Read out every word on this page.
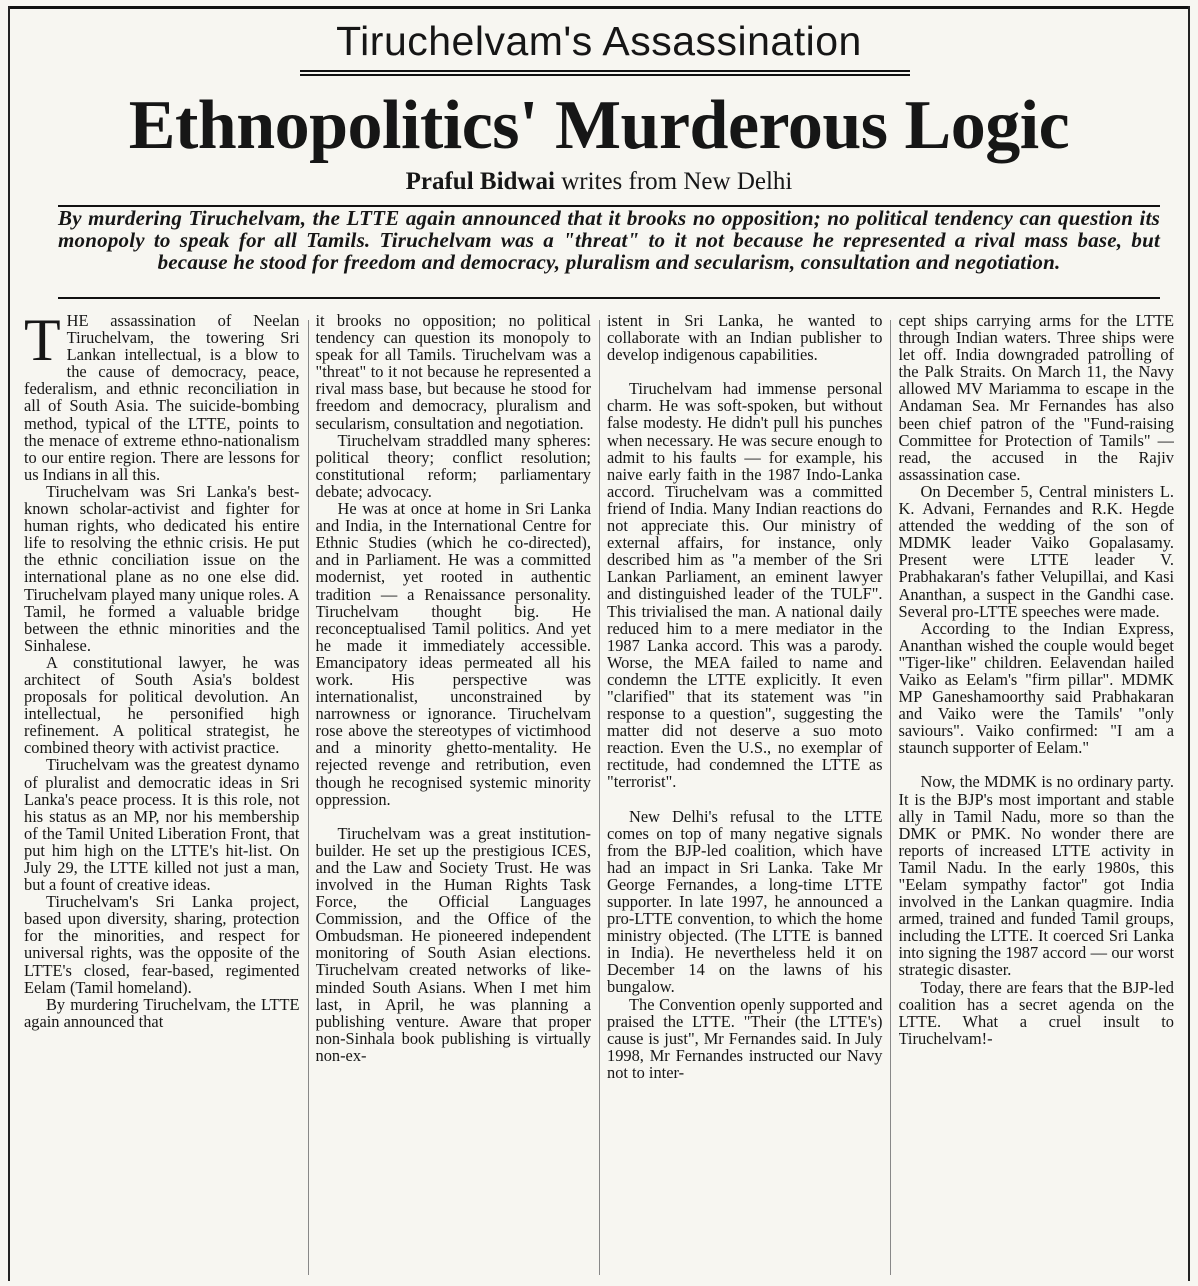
Tiruchelvam's Assassination
Ethnopolitics' Murderous Logic
Praful Bidwai writes from New Delhi
By murdering Tiruchelvam, the LTTE again announced that it brooks no opposition; no political tendency can question its monopoly to speak for all Tamils. Tiruchelvam was a "threat" to it not because he represented a rival mass base, but because he stood for freedom and democracy, pluralism and secularism, consultation and negotiation.

THE assassination of Neelan Tiruchelvam, the towering Sri Lankan intellectual, is a blow to the cause of democracy, peace, federalism, and ethnic reconciliation in all of South Asia. The suicide-bombing method, typical of the LTTE, points to the menace of extreme ethno-nationalism to our entire region. There are lessons for us Indians in all this.

Tiruchelvam was Sri Lanka's best-known scholar-activist and fighter for human rights, who dedicated his entire life to resolving the ethnic crisis. He put the ethnic conciliation issue on the international plane as no one else did. Tiruchelvam played many unique roles. A Tamil, he formed a valuable bridge between the ethnic minorities and the Sinhalese.

A constitutional lawyer, he was architect of South Asia's boldest proposals for political devolution. An intellectual, he personified high refinement. A political strategist, he combined theory with activist practice.

Tiruchelvam was the greatest dynamo of pluralist and democratic ideas in Sri Lanka's peace process. It is this role, not his status as an MP, nor his membership of the Tamil United Liberation Front, that put him high on the LTTE's hit-list. On July 29, the LTTE killed not just a man, but a fount of creative ideas.

Tiruchelvam's Sri Lanka project, based upon diversity, sharing, protection for the minorities, and respect for universal rights, was the opposite of the LTTE's closed, fear-based, regimented Eelam (Tamil homeland).

By murdering Tiruchelvam, the LTTE again announced that

it brooks no opposition; no political tendency can question its monopoly to speak for all Tamils. Tiruchelvam was a "threat" to it not because he represented a rival mass base, but because he stood for freedom and democracy, pluralism and secularism, consultation and negotiation.

Tiruchelvam straddled many spheres: political theory; conflict resolution; constitutional reform; parliamentary debate; advocacy.

He was at once at home in Sri Lanka and India, in the International Centre for Ethnic Studies (which he co-directed), and in Parliament. He was a committed modernist, yet rooted in authentic tradition — a Renaissance personality. Tiruchelvam thought big. He reconceptualised Tamil politics. And yet he made it immediately accessible. Emancipatory ideas permeated all his work. His perspective was internationalist, unconstrained by narrowness or ignorance. Tiruchelvam rose above the stereotypes of victimhood and a minority ghetto-mentality. He rejected revenge and retribution, even though he recognised systemic minority oppression.

Tiruchelvam was a great institution-builder. He set up the prestigious ICES, and the Law and Society Trust. He was involved in the Human Rights Task Force, the Official Languages Commission, and the Office of the Ombudsman. He pioneered independent monitoring of South Asian elections. Tiruchelvam created networks of like-minded South Asians. When I met him last, in April, he was planning a publishing venture. Aware that proper non-Sinhala book publishing is virtually non-ex-

istent in Sri Lanka, he wanted to collaborate with an Indian publisher to develop indigenous capabilities.

Tiruchelvam had immense personal charm. He was soft-spoken, but without false modesty. He didn't pull his punches when necessary. He was secure enough to admit to his faults — for example, his naive early faith in the 1987 Indo-Lanka accord. Tiruchelvam was a committed friend of India. Many Indian reactions do not appreciate this. Our ministry of external affairs, for instance, only described him as "a member of the Sri Lankan Parliament, an eminent lawyer and distinguished leader of the TULF". This trivialised the man. A national daily reduced him to a mere mediator in the 1987 Lanka accord. This was a parody. Worse, the MEA failed to name and condemn the LTTE explicitly. It even "clarified" that its statement was "in response to a question", suggesting the matter did not deserve a suo moto reaction. Even the U.S., no exemplar of rectitude, had condemned the LTTE as "terrorist".

New Delhi's refusal to the LTTE comes on top of many negative signals from the BJP-led coalition, which have had an impact in Sri Lanka. Take Mr George Fernandes, a long-time LTTE supporter. In late 1997, he announced a pro-LTTE convention, to which the home ministry objected. (The LTTE is banned in India). He nevertheless held it on December 14 on the lawns of his bungalow.

The Convention openly supported and praised the LTTE. "Their (the LTTE's) cause is just", Mr Fernandes said. In July 1998, Mr Fernandes instructed our Navy not to inter-

cept ships carrying arms for the LTTE through Indian waters. Three ships were let off. India downgraded patrolling of the Palk Straits. On March 11, the Navy allowed MV Mariamma to escape in the Andaman Sea. Mr Fernandes has also been chief patron of the "Fund-raising Committee for Protection of Tamils" — read, the accused in the Rajiv assassination case.

On December 5, Central ministers L. K. Advani, Fernandes and R.K. Hegde attended the wedding of the son of MDMK leader Vaiko Gopalasamy. Present were LTTE leader V. Prabhakaran's father Velupillai, and Kasi Ananthan, a suspect in the Gandhi case. Several pro-LTTE speeches were made.

According to the Indian Express, Ananthan wished the couple would beget "Tiger-like" children. Eelavendan hailed Vaiko as Eelam's "firm pillar". MDMK MP Ganeshamoorthy said Prabhakaran and Vaiko were the Tamils' "only saviours". Vaiko confirmed: "I am a staunch supporter of Eelam."

Now, the MDMK is no ordinary party. It is the BJP's most important and stable ally in Tamil Nadu, more so than the DMK or PMK. No wonder there are reports of increased LTTE activity in Tamil Nadu. In the early 1980s, this "Eelam sympathy factor" got India involved in the Lankan quagmire. India armed, trained and funded Tamil groups, including the LTTE. It coerced Sri Lanka into signing the 1987 accord — our worst strategic disaster.

Today, there are fears that the BJP-led coalition has a secret agenda on the LTTE. What a cruel insult to Tiruchelvam!-
